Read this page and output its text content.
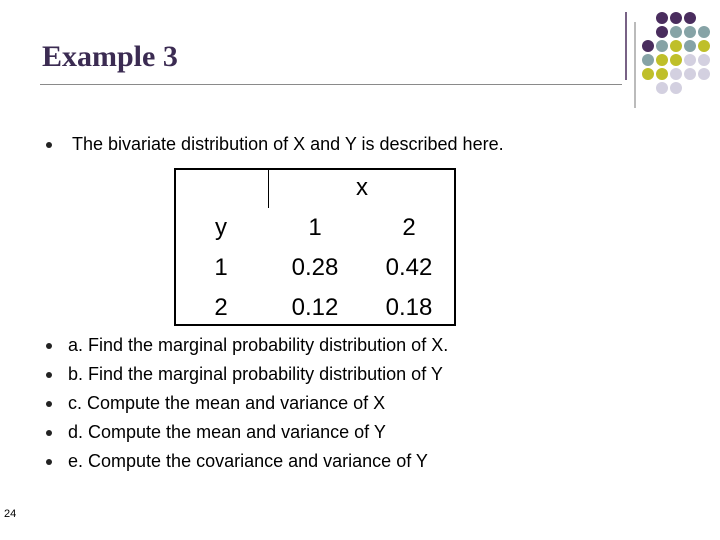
Example 3
The bivariate distribution of X and Y is described here.
	x	
y	1	2
1	0.28	0.42
2	0.12	0.18
a. Find the marginal probability distribution of X.
b. Find the marginal probability distribution of Y
c. Compute the mean and variance of X
d. Compute the mean and variance of Y
e. Compute the covariance and variance of Y
24
